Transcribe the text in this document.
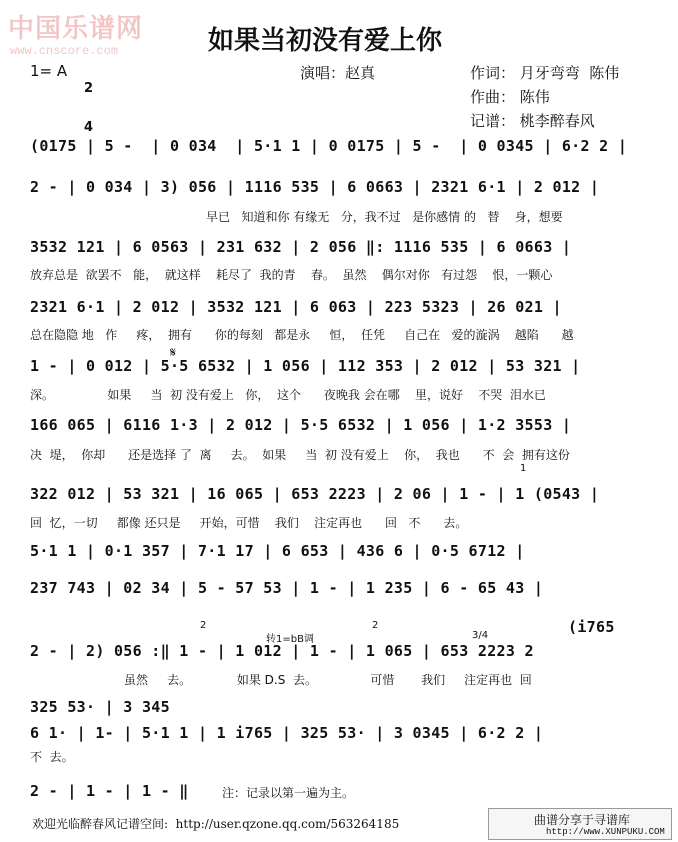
中国乐谱网
www.cnscore.com	如果当初没有爱上你
1= A

2

4

演唱：赵真	作词： 月牙弯弯  陈伟
作曲： 陈伟
记谱： 桃李醉春风
(0175 | 5 -  | 0 034  | 5·1 1 | 0 0175 | 5 -  | 0 0345 | 6·2 2 |
2 - | 0 034 | 3) 056 | 1116 535 | 6 0663 | 2321 6·1 | 2 012 |
早已   知道和你 有缘无   分，我不过   是你感情 的   替    身，想要
3532 121 | 6 0563 | 231 632 | 2 056 ‖: 1116 535 | 6 0663 |
放弃总是  欲罢不   能，  就这样    耗尽了  我的青    春。  虽然    偶尔对你   有过怨    恨，一颗心
2321 6·1 | 2 012 | 3532 121 | 6 063 | 223 5323 | 26 021 |
总在隐隐 地   作     疼，  拥有      你的每刻   都是永     恒，  任凭     自己在   爱的漩涡    越陷      越
𝄋
1 - | 0 012 | 5·5 6532 | 1 056 | 112 353 | 2 012 | 53 321 |
深。              如果     当  初 没有爱上   你，  这个      夜晚我 会在哪    里，说好    不哭  泪水已
166 065 | 6116 1·3 | 2 012 | 5·5 6532 | 1 056 | 1·2 3553 |
决  堤，  你却      还是选择 了  离     去。  如果     当  初 没有爱上    你，  我也      不  会  拥有这份
1
322 012 | 53 321 | 16 065 | 653 2223 | 2 06 | 1 - | 1 (0543 |
回  忆，一切     都像 还只是     开始，可惜    我们    注定再也      回   不      去。
5·1 1 | 0·1 357 | 7·1 17 | 6 653 | 436 6 | 0·5 6712 |
237 743 | 02 34 | 5 - 57 53 | 1 - | 1 235 | 6 - 65 43 |
2
转1=bB调
2
3/4	(i765
2 - | 2) 056 :‖ 1 - | 1 012 | 1 - | 1 065 | 653 2223 2
虽然     去。            如果 D.S  去。              可惜       我们     注定再也  回
325 53· | 3 345
6 1· | 1- | 5·1 1 | 1 i765 | 325 53· | 3 0345 | 6·2 2 |
不  去。
2 - | 1 - | 1 - ‖	注：记录以第一遍为主。
欢迎光临醉春风记谱空间:  http://user.qzone.qq.com/563264185	曲谱分享于寻谱库
http://www.XUNPUKU.COM
